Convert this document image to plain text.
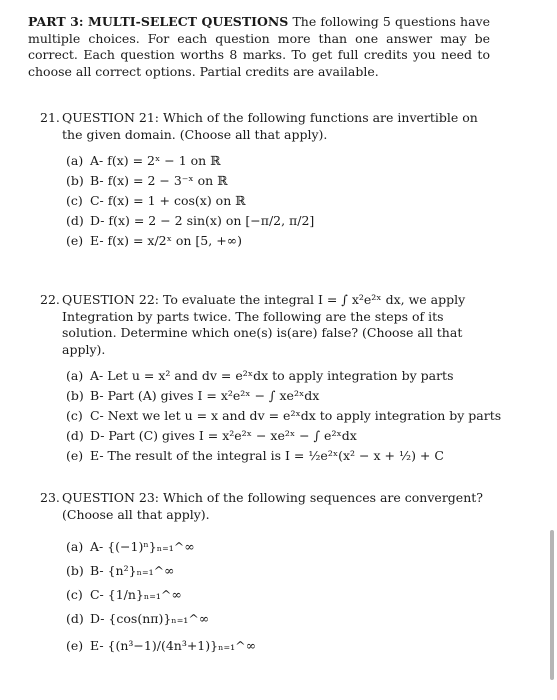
PART 3: MULTI-SELECT QUESTIONS The following 5 questions have multiple choices. For each question more than one answer may be correct. Each question worths 8 marks. To get full credits you need to choose all correct options. Partial credits are available.
21. QUESTION 21: Which of the following functions are invertible on the given domain. (Choose all that apply).
(a) A- f(x) = 2ˣ − 1 on ℝ
(b) B- f(x) = 2 − 3⁻ˣ on ℝ
(c) C- f(x) = 1 + cos(x) on ℝ
(d) D- f(x) = 2 − 2 sin(x) on [−π/2, π/2]
(e) E- f(x) = x/2ˣ on [5, +∞)
22. QUESTION 22: To evaluate the integral I = ∫ x²e²ˣ dx, we apply Integration by parts twice. The following are the steps of its solution. Determine which one(s) is(are) false? (Choose all that apply).
(a) A- Let u = x² and dv = e²ˣdx to apply integration by parts
(b) B- Part (A) gives I = x²e²ˣ − ∫ xe²ˣdx
(c) C- Next we let u = x and dv = e²ˣdx to apply integration by parts
(d) D- Part (C) gives I = x²e²ˣ − xe²ˣ − ∫ e²ˣdx
(e) E- The result of the integral is I = ½e²ˣ(x² − x + ½) + C
23. QUESTION 23: Which of the following sequences are convergent? (Choose all that apply).
(a) A- {(−1)ⁿ}ₙ₌₁^∞
(b) B- {n²}ₙ₌₁^∞
(c) C- {1/n}ₙ₌₁^∞
(d) D- {cos(nπ)}ₙ₌₁^∞
(e) E- {(n³−1)/(4n³+1)}ₙ₌₁^∞
